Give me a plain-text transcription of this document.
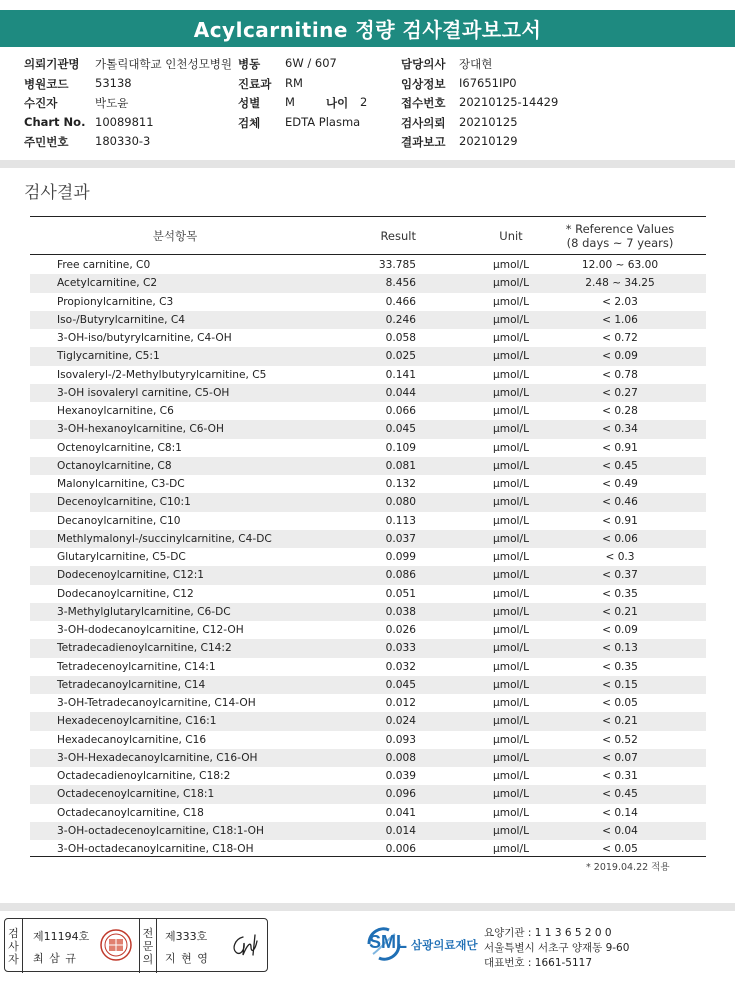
Acylcarnitine 정량 검사결과보고서
의뢰기관명 가톨릭대학교 인천성모병원
병원코드 53138
수진자	박도윤
Chart No. 10089811
주민번호 180330-3
병동 6W / 607
진료과 RM
성별 M	나이 2
검체 EDTA Plasma
담당의사 장대현
임상정보 I67651IP0
접수번호 20210125-14429
검사의뢰 20210125
결과보고 20210129
검사결과
분석항목	Result	Unit	* Reference Values
(8 days ~ 7 years)
Free carnitine, C0	33.785	μmol/L	12.00 ~ 63.00
Acetylcarnitine, C2	8.456	μmol/L	2.48 ~ 34.25
Propionylcarnitine, C3	0.466	μmol/L	< 2.03
Iso-/Butyrylcarnitine, C4	0.246	μmol/L	< 1.06
3-OH-iso/butyrylcarnitine, C4-OH	0.058	μmol/L	< 0.72
Tiglycarnitine, C5:1	0.025	μmol/L	< 0.09
Isovaleryl-/2-Methylbutyrylcarnitine, C5	0.141	μmol/L	< 0.78
3-OH isovaleryl carnitine, C5-OH	0.044	μmol/L	< 0.27
Hexanoylcarnitine, C6	0.066	μmol/L	< 0.28
3-OH-hexanoylcarnitine, C6-OH	0.045	μmol/L	< 0.34
Octenoylcarnitine, C8:1	0.109	μmol/L	< 0.91
Octanoylcarnitine, C8	0.081	μmol/L	< 0.45
Malonylcarnitine, C3-DC	0.132	μmol/L	< 0.49
Decenoylcarnitine, C10:1	0.080	μmol/L	< 0.46
Decanoylcarnitine, C10	0.113	μmol/L	< 0.91
Methlymalonyl-/succinylcarnitine, C4-DC	0.037	μmol/L	< 0.06
Glutarylcarnitine, C5-DC	0.099	μmol/L	< 0.3
Dodecenoylcarnitine, C12:1	0.086	μmol/L	< 0.37
Dodecanoylcarnitine, C12	0.051	μmol/L	< 0.35
3-Methylglutarylcarnitine, C6-DC	0.038	μmol/L	< 0.21
3-OH-dodecanoylcarnitine, C12-OH	0.026	μmol/L	< 0.09
Tetradecadienoylcarnitine, C14:2	0.033	μmol/L	< 0.13
Tetradecenoylcarnitine, C14:1	0.032	μmol/L	< 0.35
Tetradecanoylcarnitine, C14	0.045	μmol/L	< 0.15
3-OH-Tetradecanoylcarnitine, C14-OH	0.012	μmol/L	< 0.05
Hexadecenoylcarnitine, C16:1	0.024	μmol/L	< 0.21
Hexadecanoylcarnitine, C16	0.093	μmol/L	< 0.52
3-OH-Hexadecanoylcarnitine, C16-OH	0.008	μmol/L	< 0.07
Octadecadienoylcarnitine, C18:2	0.039	μmol/L	< 0.31
Octadecenoylcarnitine, C18:1	0.096	μmol/L	< 0.45
Octadecanoylcarnitine, C18	0.041	μmol/L	< 0.14
3-OH-octadecenoylcarnitine, C18:1-OH	0.014	μmol/L	< 0.04
3-OH-octadecanoylcarnitine, C18-OH	0.006	μmol/L	< 0.05
* 2019.04.22 적용
검
사
자
제11194호
최 삼 규
전
문
의
제333호
지 현 영
SML 삼광의료재단
요양기관 : 1 1 3 6 5 2 0 0
서울특별시 서초구 양재동 9-60
대표번호 : 1661-5117
